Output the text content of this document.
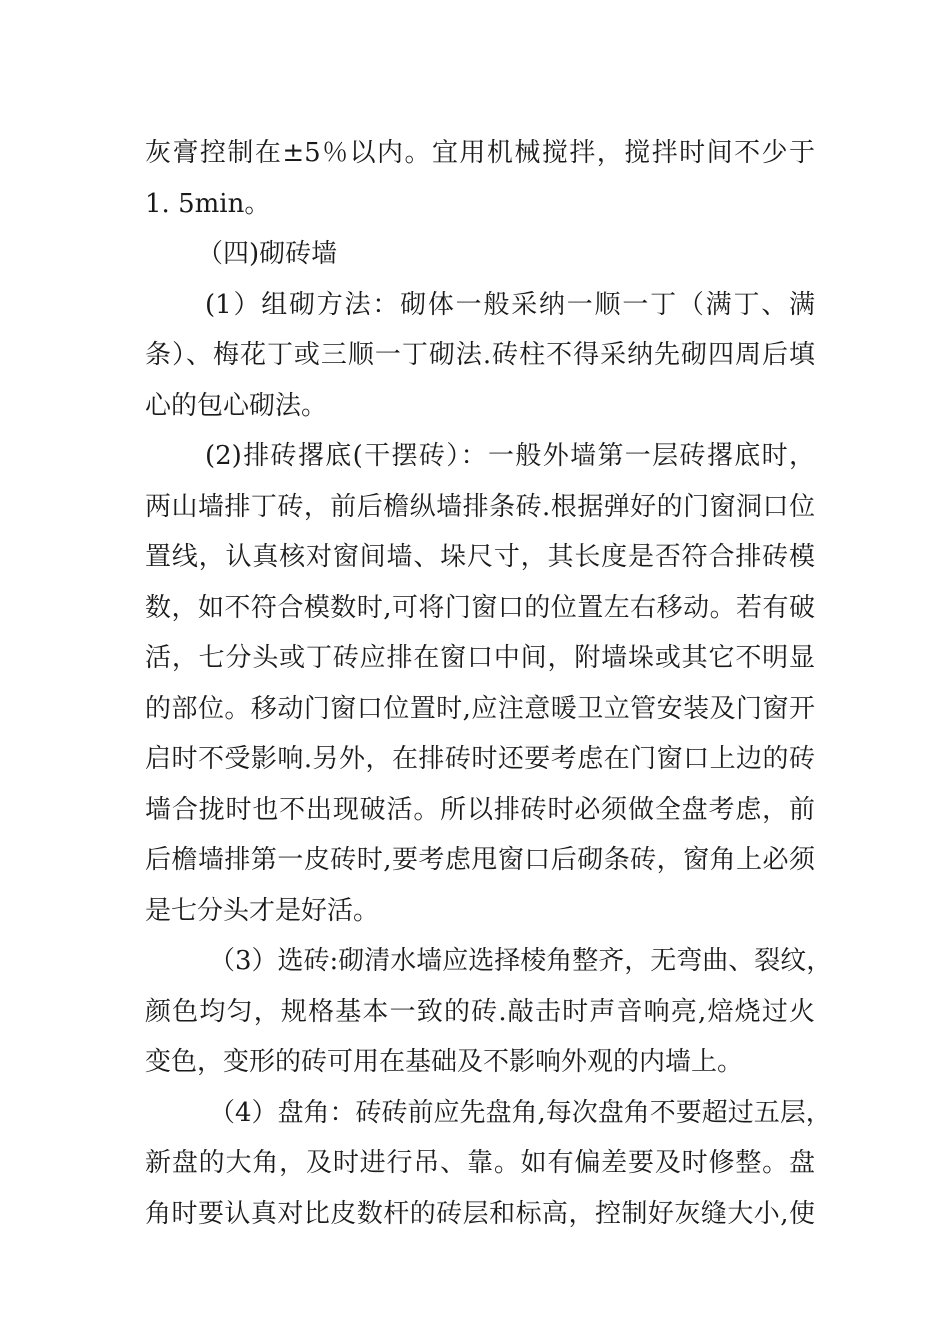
灰膏控制在±5％以内。宜用机械搅拌，搅拌时间不少于
1. 5min。
（四)砌砖墙
(1）组砌方法：砌体一般采纳一顺一丁（满丁、满
条）、梅花丁或三顺一丁砌法.砖柱不得采纳先砌四周后填
心的包心砌法。
(2)排砖撂底(干摆砖）：一般外墙第一层砖撂底时，
两山墙排丁砖，前后檐纵墙排条砖.根据弹好的门窗洞口位
置线，认真核对窗间墙、垛尺寸，其长度是否符合排砖模
数，如不符合模数时,可将门窗口的位置左右移动。若有破
活，七分头或丁砖应排在窗口中间，附墙垛或其它不明显
的部位。移动门窗口位置时,应注意暖卫立管安装及门窗开
启时不受影响.另外，在排砖时还要考虑在门窗口上边的砖
墙合拢时也不出现破活。所以排砖时必须做全盘考虑，前
后檐墙排第一皮砖时,要考虑甩窗口后砌条砖，窗角上必须
是七分头才是好活。
（3）选砖:砌清水墙应选择棱角整齐，无弯曲、裂纹，
颜色均匀，规格基本一致的砖.敲击时声音响亮,焙烧过火
变色，变形的砖可用在基础及不影响外观的内墙上。
（4）盘角：砖砖前应先盘角,每次盘角不要超过五层，
新盘的大角，及时进行吊、靠。如有偏差要及时修整。盘
角时要认真对比皮数杆的砖层和标高，控制好灰缝大小,使
